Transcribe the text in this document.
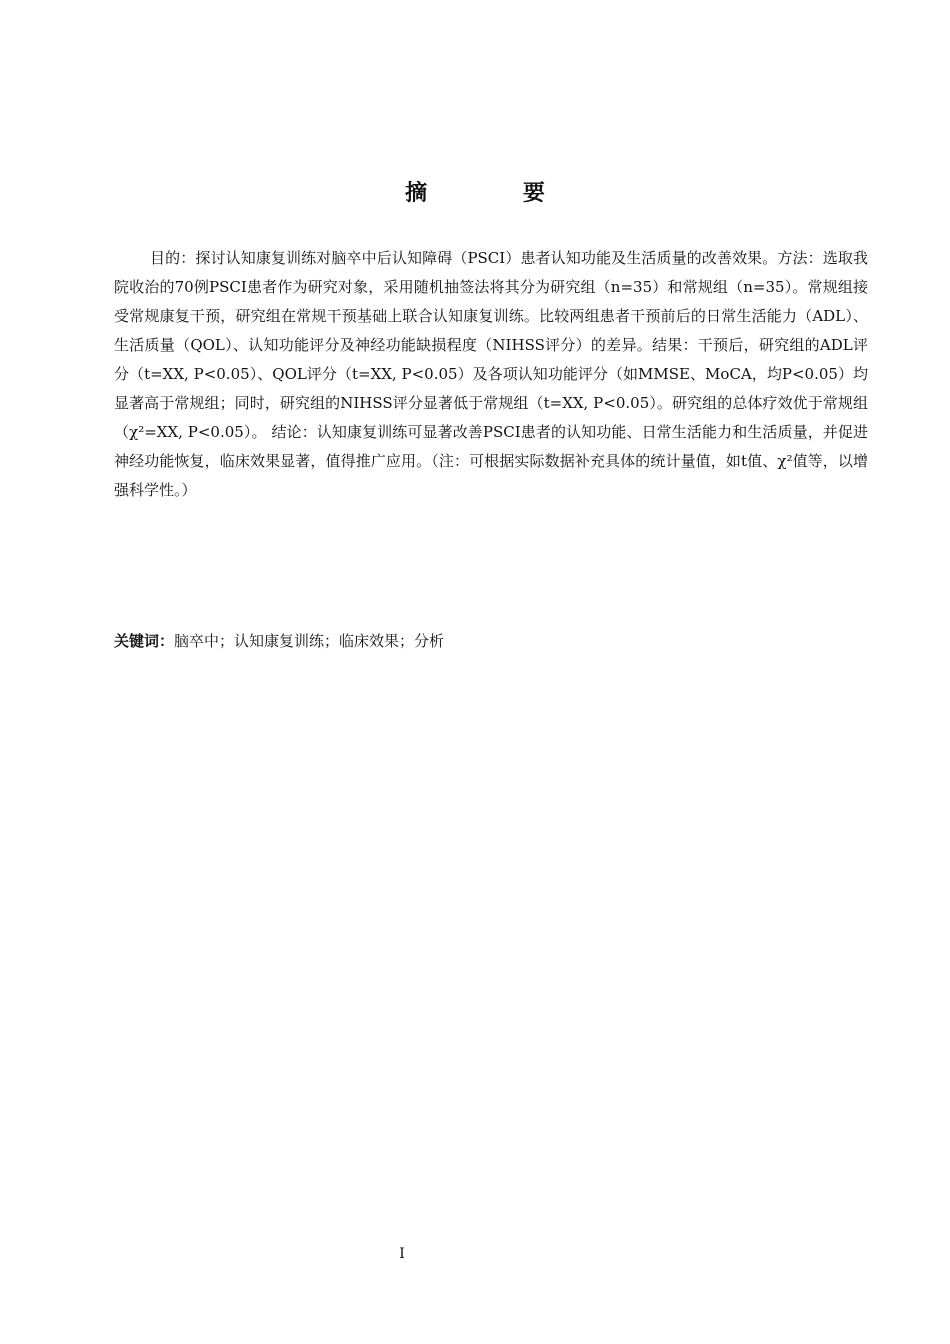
摘 要

目的：探讨认知康复训练对脑卒中后认知障碍（PSCI）患者认知功能及生活质量的改善效果。方法：选取我院收治的70例PSCI患者作为研究对象，采用随机抽签法将其分为研究组（n=35）和常规组（n=35）。常规组接受常规康复干预，研究组在常规干预基础上联合认知康复训练。比较两组患者干预前后的日常生活能力（ADL）、生活质量（QOL）、认知功能评分及神经功能缺损程度（NIHSS评分）的差异。结果：干预后，研究组的ADL评分（t=XX, P<0.05）、QOL评分（t=XX, P<0.05）及各项认知功能评分（如MMSE、MoCA，均P<0.05）均显著高于常规组；同时，研究组的NIHSS评分显著低于常规组（t=XX, P<0.05）。研究组的总体疗效优于常规组（χ²=XX, P<0.05）。 结论：认知康复训练可显著改善PSCI患者的认知功能、日常生活能力和生活质量，并促进神经功能恢复，临床效果显著，值得推广应用。（注：可根据实际数据补充具体的统计量值，如t值、χ²值等，以增强科学性。）

关键词：脑卒中；认知康复训练；临床效果；分析

I
